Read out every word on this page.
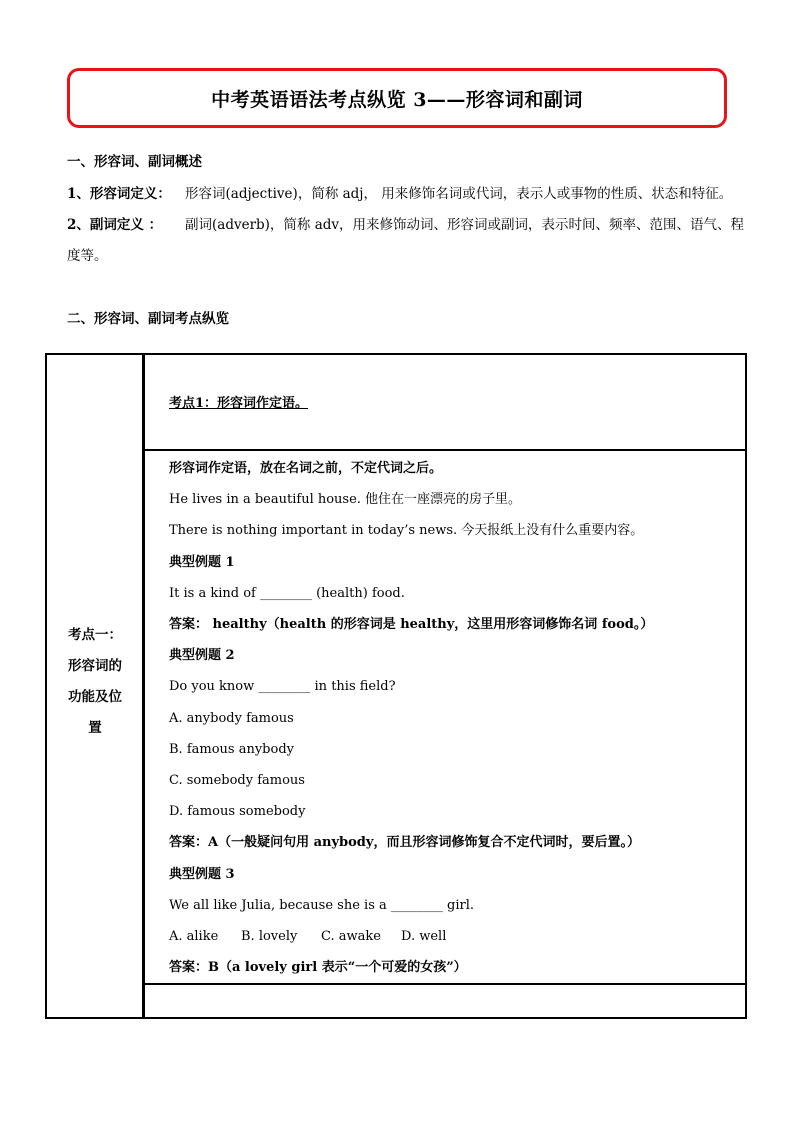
中考英语语法考点纵览 3——形容词和副词
一、形容词、副词概述
1、形容词定义： 形容词(adjective)，简称 adj， 用来修饰名词或代词，表示人或事物的性质、状态和特征。
2、副词定义 ： 副词(adverb)，简称 adv，用来修饰动词、形容词或副词，表示时间、频率、范围、语气、程
度等。
二、形容词、副词考点纵览
考点一：
形容词的
功能及位
置
考点1：形容词作定语。
形容词作定语，放在名词之前，不定代词之后。
He lives in a beautiful house. 他住在一座漂亮的房子里。
There is nothing important in today’s news. 今天报纸上没有什么重要内容。
典型例题 1
It is a kind of ________ (health) food.
答案： healthy（health 的形容词是 healthy，这里用形容词修饰名词 food。）
典型例题 2
Do you know ________ in this field?
A. anybody famous
B. famous anybody
C. somebody famous
D. famous somebody
答案：A（一般疑问句用 anybody，而且形容词修饰复合不定代词时，要后置。）
典型例题 3
We all like Julia, because she is a ________ girl.
A. alike B. lovely C. awake D. well
答案：B（a lovely girl 表示“一个可爱的女孩”）
